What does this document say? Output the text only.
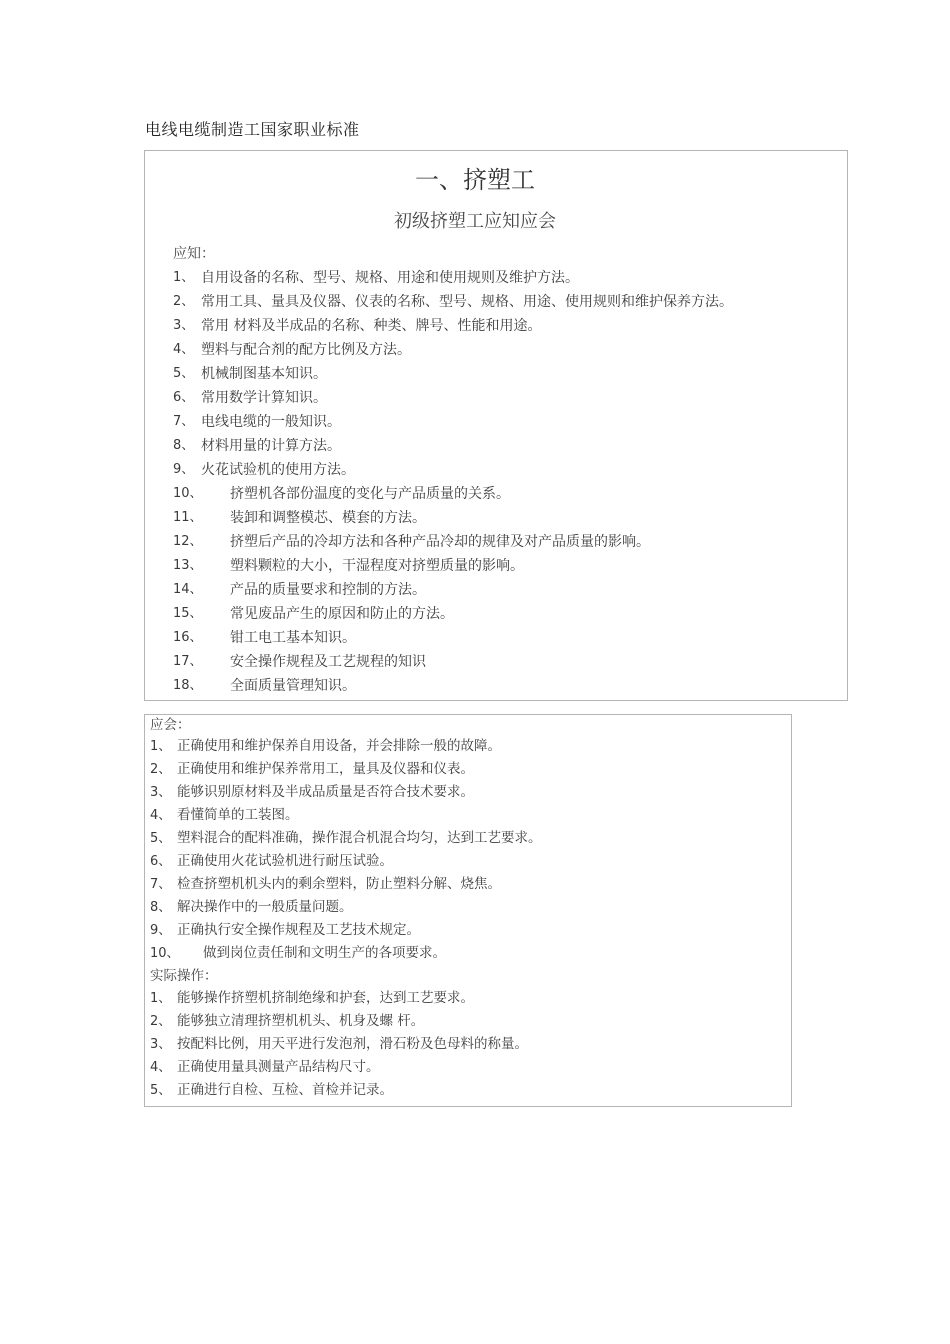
电线电缆制造工国家职业标准
一、挤塑工
初级挤塑工应知应会
应知：
1、 自用设备的名称、型号、规格、用途和使用规则及维护方法。
2、 常用工具、量具及仪器、仪表的名称、型号、规格、用途、使用规则和维护保养方法。
3、 常用 材料及半成品的名称、种类、牌号、性能和用途。
4、 塑料与配合剂的配方比例及方法。
5、 机械制图基本知识。
6、 常用数学计算知识。
7、 电线电缆的一般知识。
8、 材料用量的计算方法。
9、 火花试验机的使用方法。
10、 挤塑机各部份温度的变化与产品质量的关系。
11、 装卸和调整模芯、模套的方法。
12、 挤塑后产品的冷却方法和各种产品冷却的规律及对产品质量的影响。
13、 塑料颗粒的大小，干湿程度对挤塑质量的影响。
14、 产品的质量要求和控制的方法。
15、 常见废品产生的原因和防止的方法。
16、 钳工电工基本知识。
17、 安全操作规程及工艺规程的知识
18、 全面质量管理知识。
应会：
1、 正确使用和维护保养自用设备，并会排除一般的故障。
2、 正确使用和维护保养常用工，量具及仪器和仪表。
3、 能够识别原材料及半成品质量是否符合技术要求。
4、 看懂简单的工装图。
5、 塑料混合的配料准确，操作混合机混合均匀，达到工艺要求。
6、 正确使用火花试验机进行耐压试验。
7、 检查挤塑机机头内的剩余塑料，防止塑料分解、烧焦。
8、 解决操作中的一般质量问题。
9、 正确执行安全操作规程及工艺技术规定。
10、 做到岗位责任制和文明生产的各项要求。
实际操作：
1、 能够操作挤塑机挤制绝缘和护套，达到工艺要求。
2、 能够独立清理挤塑机机头、机身及螺 杆。
3、 按配料比例，用天平进行发泡剂，滑石粉及色母料的称量。
4、 正确使用量具测量产品结构尺寸。
5、 正确进行自检、互检、首检并记录。
